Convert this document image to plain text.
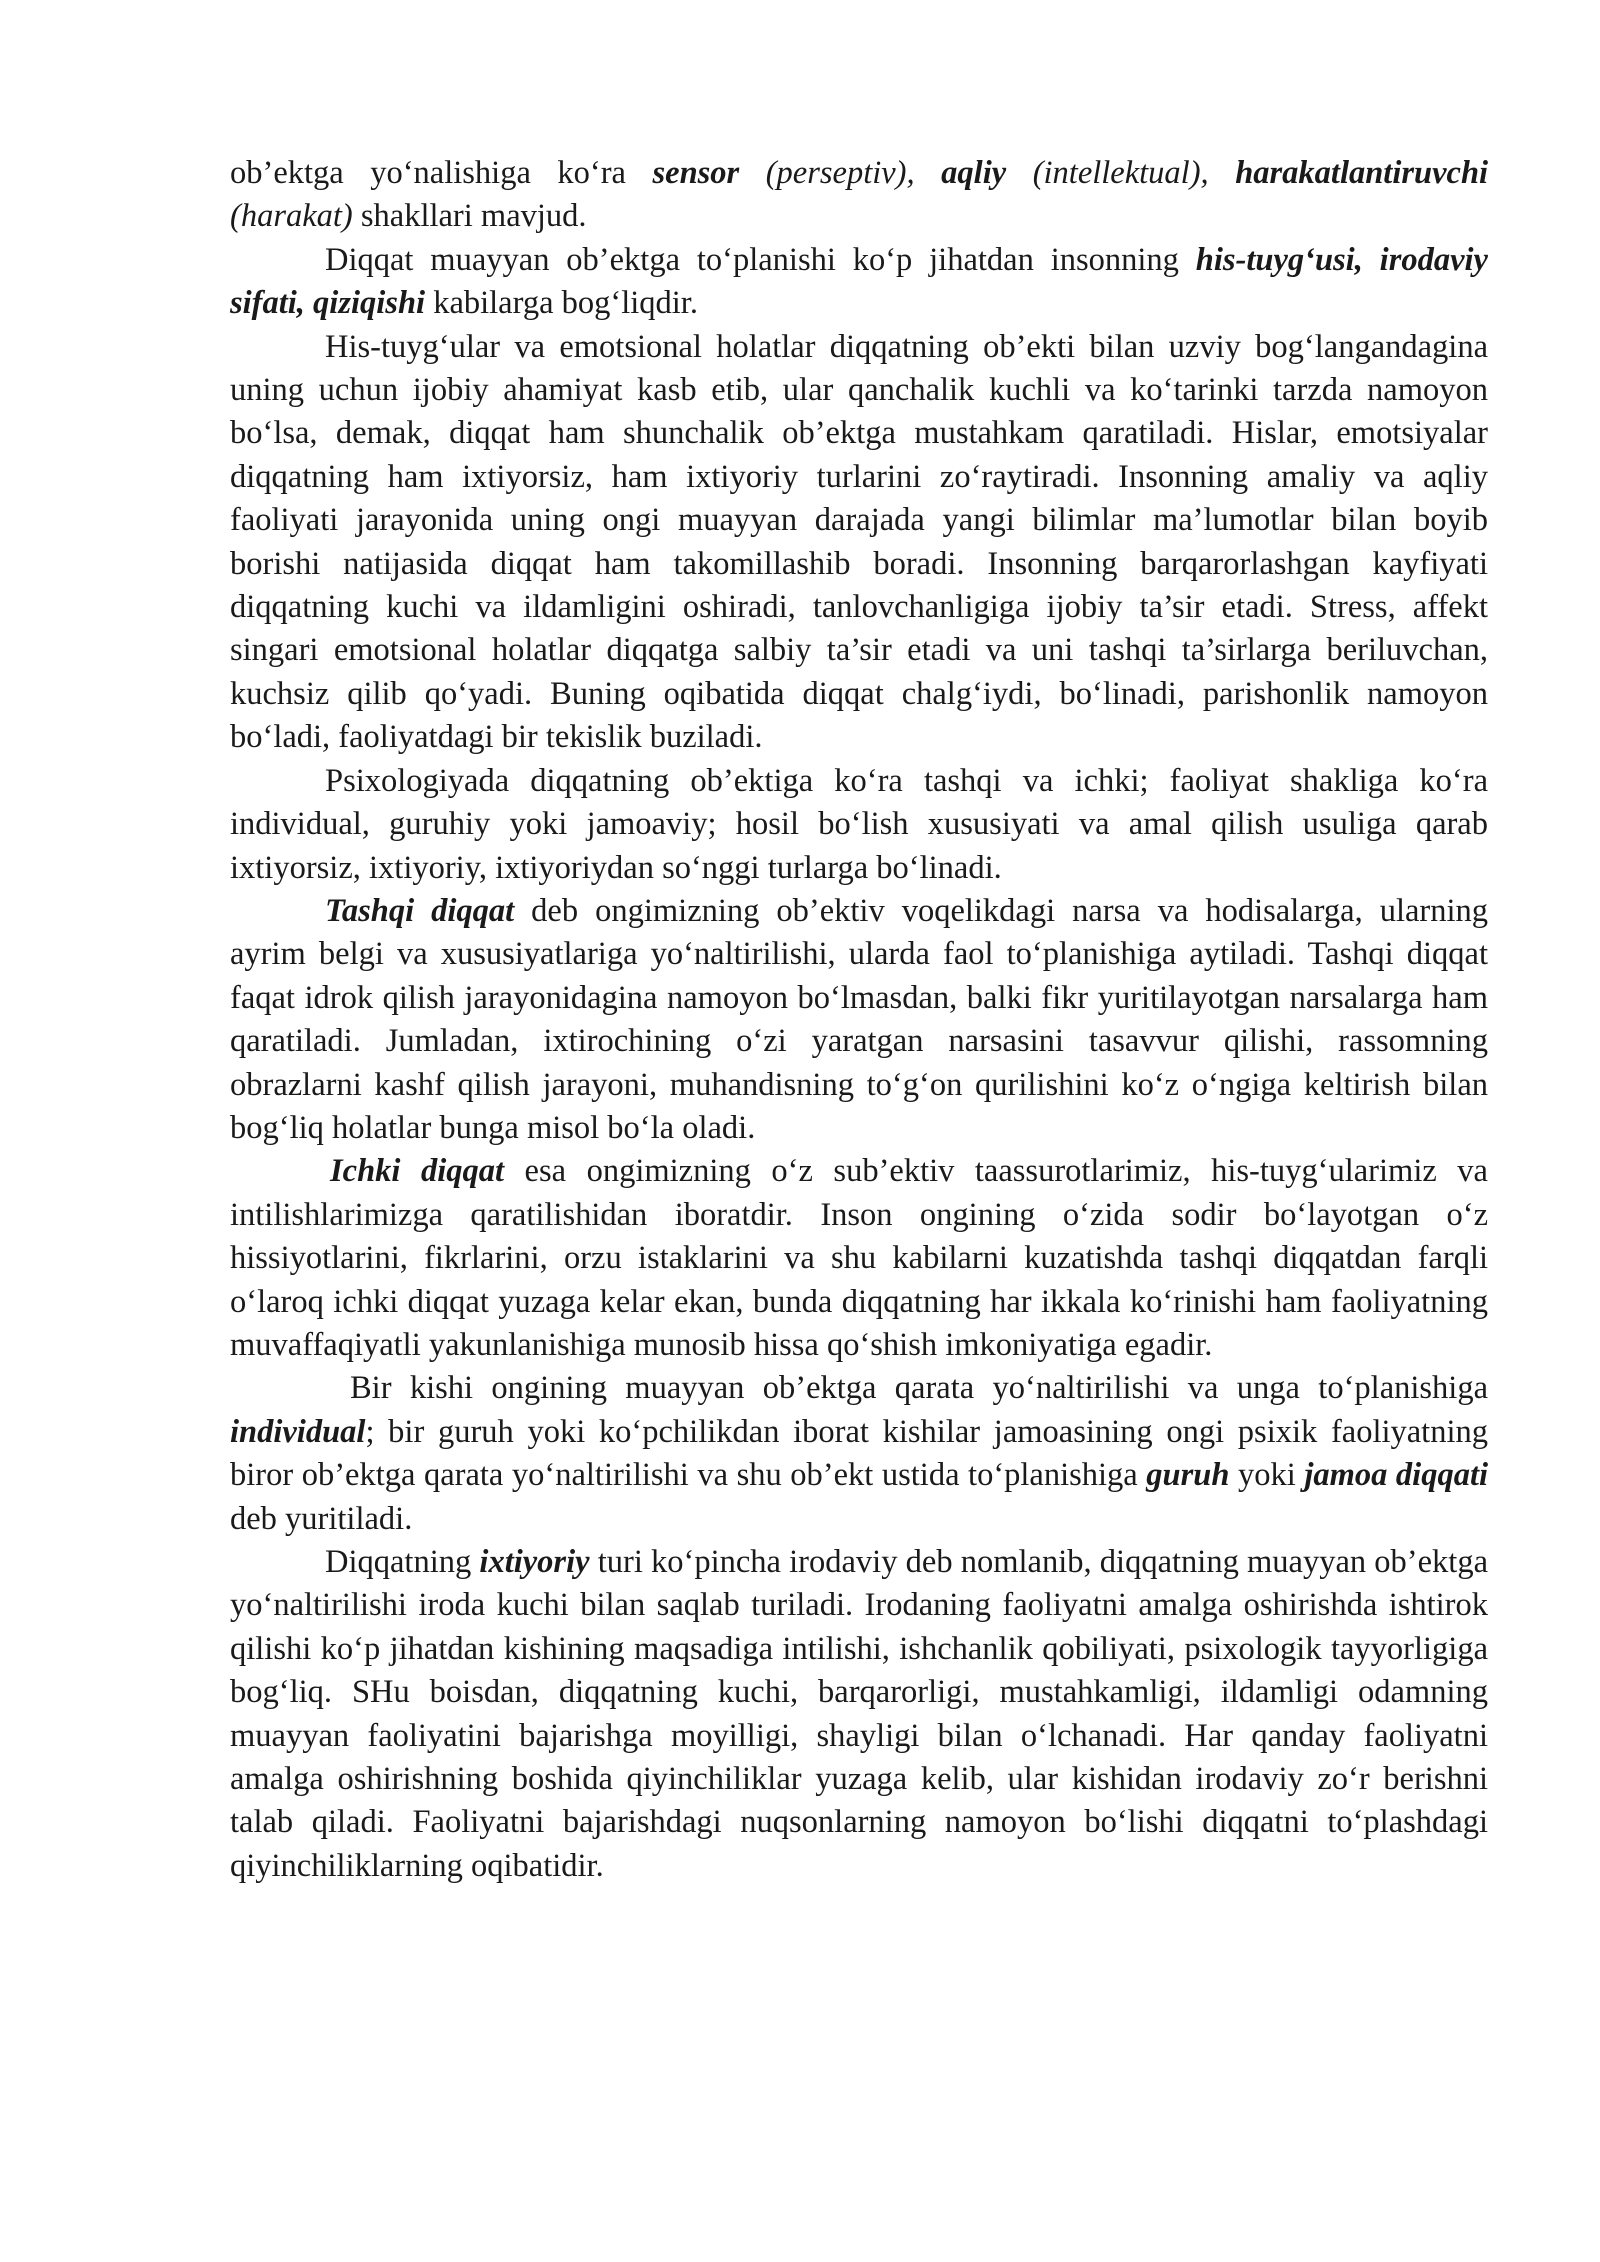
ob’ektga yo‘nalishiga ko‘ra sensor (perseptiv), aqliy (intellektual), harakatlantiruvchi (harakat) shakllari mavjud.

Diqqat muayyan ob’ektga to‘planishi ko‘p jihatdan insonning his-tuyg‘usi, irodaviy sifati, qiziqishi kabilarga bog‘liqdir.

His-tuyg‘ular va emotsional holatlar diqqatning ob’ekti bilan uzviy bog‘langandagina uning uchun ijobiy ahamiyat kasb etib, ular qanchalik kuchli va ko‘tarinki tarzda namoyon bo‘lsa, demak, diqqat ham shunchalik ob’ektga mustahkam qaratiladi. Hislar, emotsiyalar diqqatning ham ixtiyorsiz, ham ixtiyoriy turlarini zo‘raytiradi. Insonning amaliy va aqliy faoliyati jarayonida uning ongi muayyan darajada yangi bilimlar ma’lumotlar bilan boyib borishi natijasida diqqat ham takomillashib boradi. Insonning barqarorlashgan kayfiyati diqqatning kuchi va ildamligini oshiradi, tanlovchanligiga ijobiy ta’sir etadi. Stress, affekt singari emotsional holatlar diqqatga salbiy ta’sir etadi va uni tashqi ta’sirlarga beriluvchan, kuchsiz qilib qo‘yadi. Buning oqibatida diqqat chalg‘iydi, bo‘linadi, parishonlik namoyon bo‘ladi, faoliyatdagi bir tekislik buziladi.

Psixologiyada diqqatning ob’ektiga ko‘ra tashqi va ichki; faoliyat shakliga ko‘ra individual, guruhiy yoki jamoaviy; hosil bo‘lish xususiyati va amal qilish usuliga qarab ixtiyorsiz, ixtiyoriy, ixtiyoriydan so‘nggi turlarga bo‘linadi.

Tashqi diqqat deb ongimizning ob’ektiv voqelikdagi narsa va hodisalarga, ularning ayrim belgi va xususiyatlariga yo‘naltirilishi, ularda faol to‘planishiga aytiladi. Tashqi diqqat faqat idrok qilish jarayonidagina namoyon bo‘lmasdan, balki fikr yuritilayotgan narsalarga ham qaratiladi. Jumladan, ixtirochining o‘zi yaratgan narsasini tasavvur qilishi, rassomning obrazlarni kashf qilish jarayoni, muhandisning to‘g‘on qurilishini ko‘z o‘ngiga keltirish bilan bog‘liq holatlar bunga misol bo‘la oladi.

Ichki diqqat esa ongimizning o‘z sub’ektiv taassurotlarimiz, his-tuyg‘ularimiz va intilishlarimizga qaratilishidan iboratdir. Inson ongining o‘zida sodir bo‘layotgan o‘z hissiyotlarini, fikrlarini, orzu istaklarini va shu kabilarni kuzatishda tashqi diqqatdan farqli o‘laroq ichki diqqat yuzaga kelar ekan, bunda diqqatning har ikkala ko‘rinishi ham faoliyatning muvaffaqiyatli yakunlanishiga munosib hissa qo‘shish imkoniyatiga egadir.

Bir kishi ongining muayyan ob’ektga qarata yo‘naltirilishi va unga to‘planishiga individual; bir guruh yoki ko‘pchilikdan iborat kishilar jamoasining ongi psixik faoliyatning biror ob’ektga qarata yo‘naltirilishi va shu ob’ekt ustida to‘planishiga guruh yoki jamoa diqqati deb yuritiladi.

Diqqatning ixtiyoriy turi ko‘pincha irodaviy deb nomlanib, diqqatning muayyan ob’ektga yo‘naltirilishi iroda kuchi bilan saqlab turiladi. Irodaning faoliyatni amalga oshirishda ishtirok qilishi ko‘p jihatdan kishining maqsadiga intilishi, ishchanlik qobiliyati, psixologik tayyorligiga bog‘liq. SHu boisdan, diqqatning kuchi, barqarorligi, mustahkamligi, ildamligi odamning muayyan faoliyatini bajarishga moyilligi, shayligi bilan o‘lchanadi. Har qanday faoliyatni amalga oshirishning boshida qiyinchiliklar yuzaga kelib, ular kishidan irodaviy zo‘r berishni talab qiladi. Faoliyatni bajarishdagi nuqsonlarning namoyon bo‘lishi diqqatni to‘plashdagi qiyinchiliklarning oqibatidir.
